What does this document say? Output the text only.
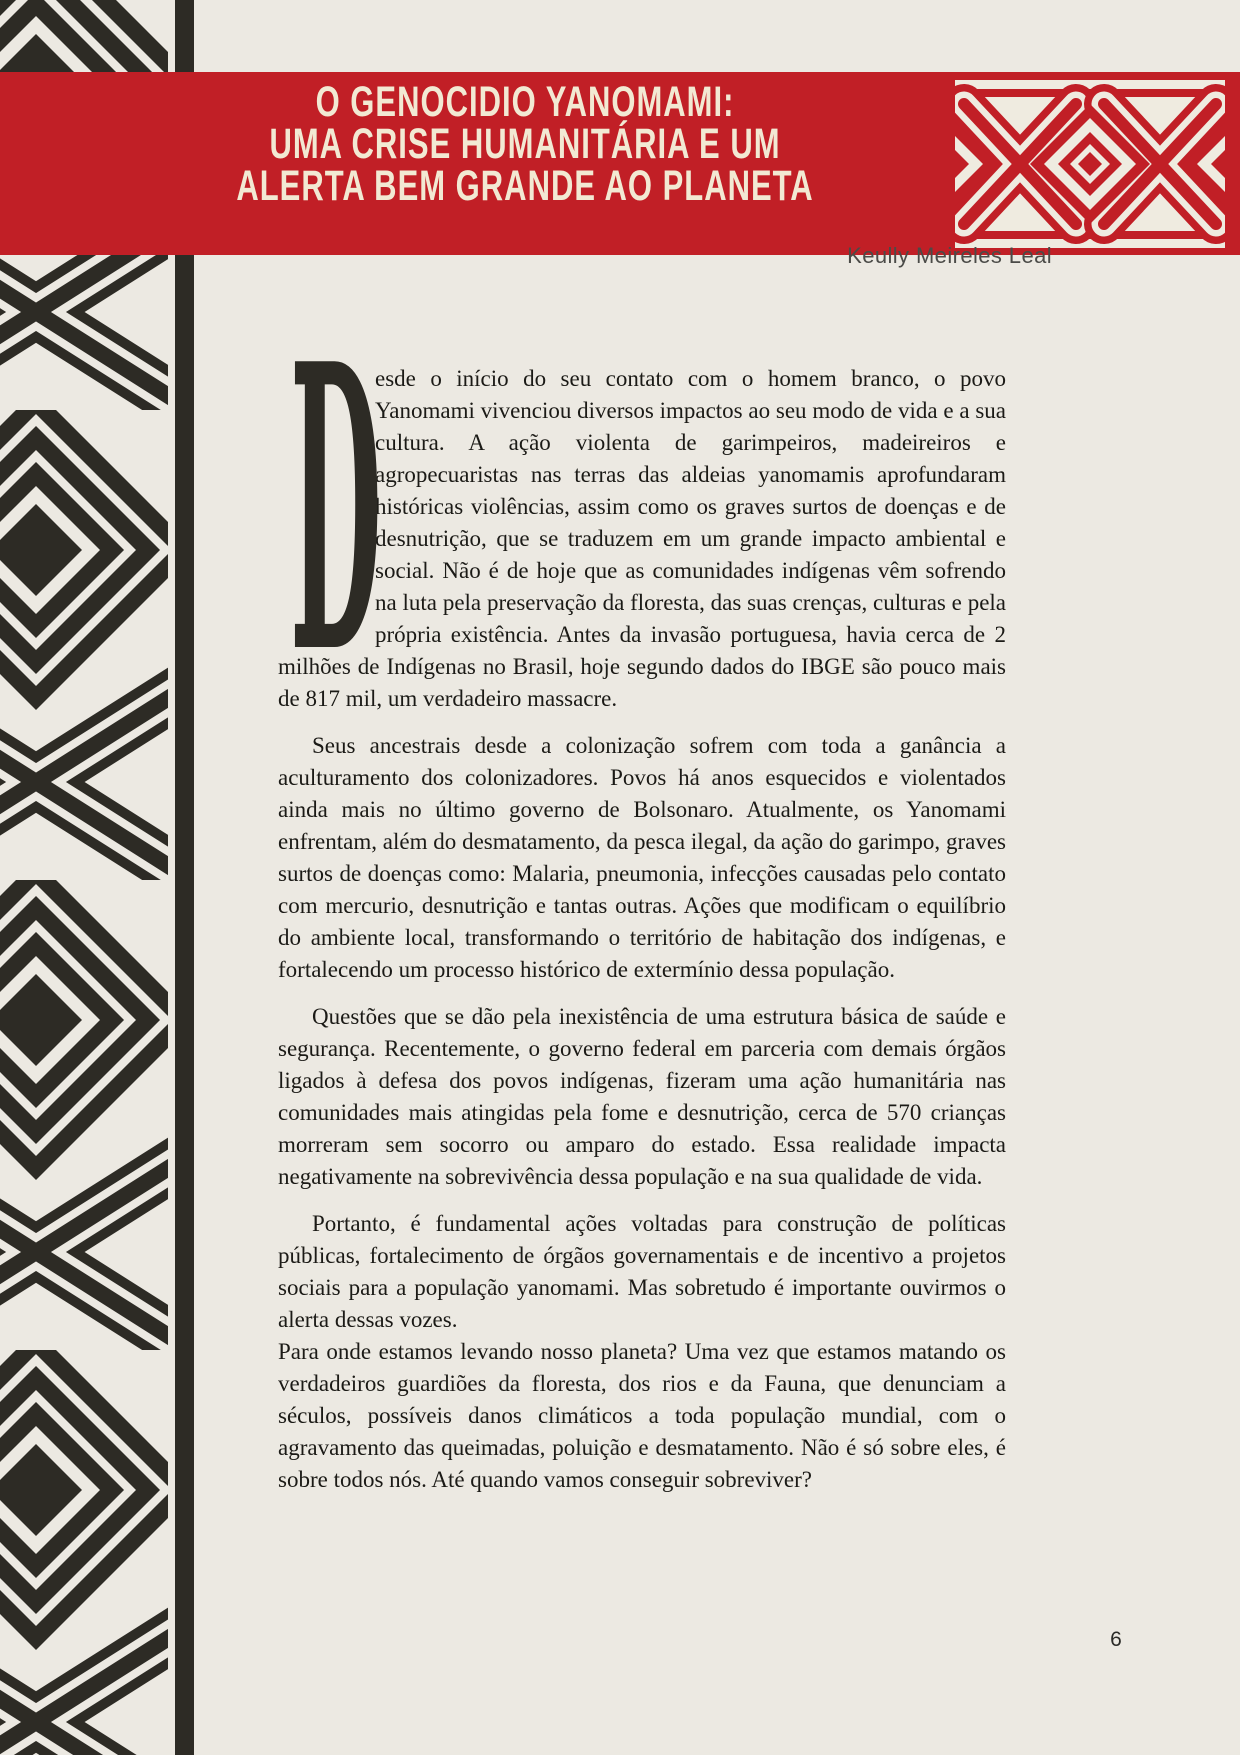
O GENOCIDIO YANOMAMI:
UMA CRISE HUMANITÁRIA E UM
ALERTA BEM GRANDE AO PLANETA
Keully Meireles Leal

D
esde o início do seu contato com o homem branco, o povo Yanomami vivenciou diversos impactos ao seu modo de vida e a sua cultura. A ação violenta de garimpeiros, madeireiros e agropecuaristas nas terras das aldeias yanomamis aprofundaram históricas violências, assim como os graves surtos de doenças e de desnutrição, que se traduzem em um grande impacto ambiental e social. Não é de hoje que as comunidades indígenas vêm sofrendo na luta pela preservação da floresta, das suas crenças, culturas e pela própria existência. Antes da invasão portuguesa, havia cerca de 2 milhões de Indígenas no Brasil, hoje segundo dados do IBGE são pouco mais de 817 mil, um verdadeiro massacre.

Seus ancestrais desde a colonização sofrem com toda a ganância a aculturamento dos colonizadores. Povos há anos esquecidos e violentados ainda mais no último governo de Bolsonaro. Atualmente, os Yanomami enfrentam, além do desmatamento, da pesca ilegal, da ação do garimpo, graves surtos de doenças como: Malaria, pneumonia, infecções causadas pelo contato com mercurio, desnutrição e tantas outras. Ações que modificam o equilíbrio do ambiente local, transformando o território de habitação dos indígenas, e fortalecendo um processo histórico de extermínio dessa população.

Questões que se dão pela inexistência de uma estrutura básica de saúde e segurança. Recentemente, o governo federal em parceria com demais órgãos ligados à defesa dos povos indígenas, fizeram uma ação humanitária nas comunidades mais atingidas pela fome e desnutrição, cerca de 570 crianças morreram sem socorro ou amparo do estado. Essa realidade impacta negativamente na sobrevivência dessa população e na sua qualidade de vida.

Portanto, é fundamental ações voltadas para construção de políticas públicas, fortalecimento de órgãos governamentais e de incentivo a projetos sociais para a população yanomami. Mas sobretudo é importante ouvirmos o alerta dessas vozes.

Para onde estamos levando nosso planeta? Uma vez que estamos matando os verdadeiros guardiões da floresta, dos rios e da Fauna, que denunciam a séculos, possíveis danos climáticos a toda população mundial, com o agravamento das queimadas, poluição e desmatamento. Não é só sobre eles, é sobre todos nós. Até quando vamos conseguir sobreviver?

6
